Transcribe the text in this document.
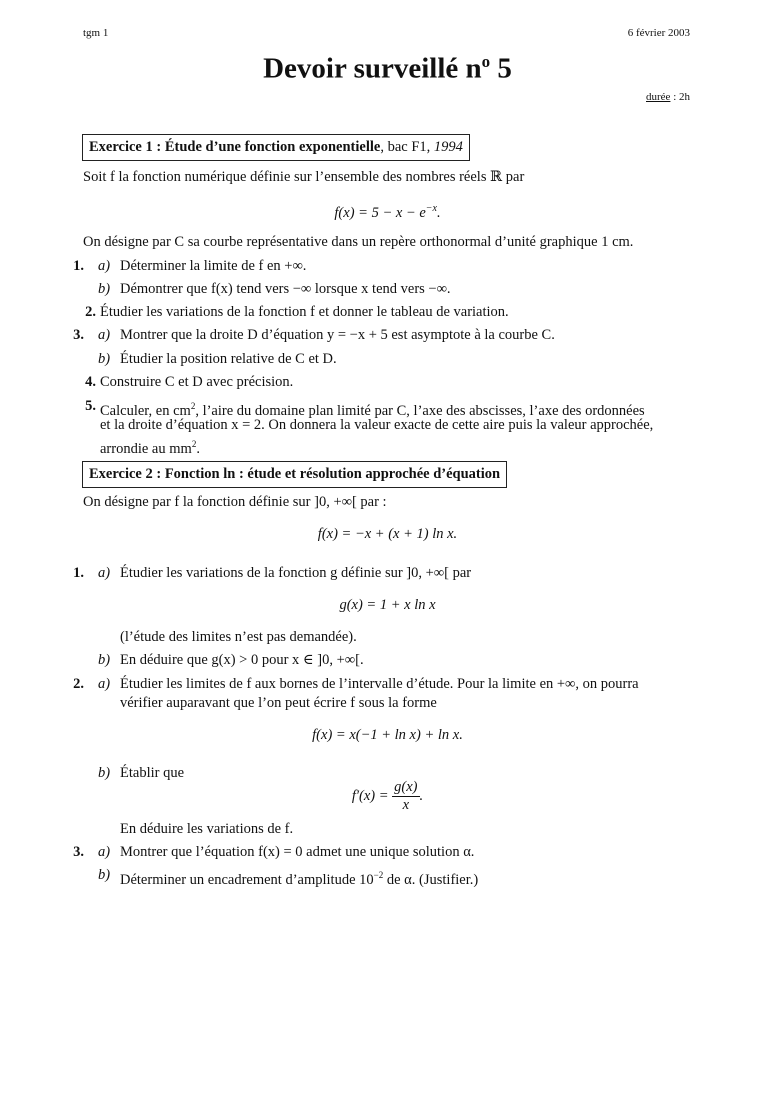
tgm 1	6 février 2003
Devoir surveillé $n^o$ 5
durée : 2h
Exercice 1 : Étude d’une fonction exponentielle, bac F1, 1994
Soit f la fonction numérique définie sur l’ensemble des nombres réels ℝ par
$f(x) = 5 - x - e^{-x}$.
On désigne par C sa courbe représentative dans un repère orthonormal d’unité graphique 1 cm.
1. a) Déterminer la limite de f en +∞.
b) Démontrer que f(x) tend vers −∞ lorsque x tend vers −∞.
2. Étudier les variations de la fonction f et donner le tableau de variation.
3. a) Montrer que la droite D d’équation y = −x + 5 est asymptote à la courbe C.
b) Étudier la position relative de C et D.
4. Construire C et D avec précision.
5. Calculer, en $cm^2$, l’aire du domaine plan limité par C, l’axe des abscisses, l’axe des ordonnées
et la droite d’équation x = 2. On donnera la valeur exacte de cette aire puis la valeur approchée,
arrondie au $mm^2$.
Exercice 2 : Fonction ln : étude et résolution approchée d’équation
On désigne par f la fonction définie sur ]0, +∞[ par :
f(x) = −x + (x + 1) ln x.
1. a) Étudier les variations de la fonction g définie sur ]0, +∞[ par
g(x) = 1 + x ln x
(l’étude des limites n’est pas demandée).
b) En déduire que g(x) > 0 pour x ∈ ]0, +∞[.
2. a) Étudier les limites de f aux bornes de l’intervalle d’étude. Pour la limite en +∞, on pourra
vérifier auparavant que l’on peut écrire f sous la forme
f(x) = x(−1 + ln x) + ln x.
b) Établir que
$f'(x) = \frac{g(x)}{x}$ .
En déduire les variations de f.
3. a) Montrer que l’équation f(x) = 0 admet une unique solution α.
b) Déterminer un encadrement d’amplitude $10^{-2}$ de α. (Justifier.)
